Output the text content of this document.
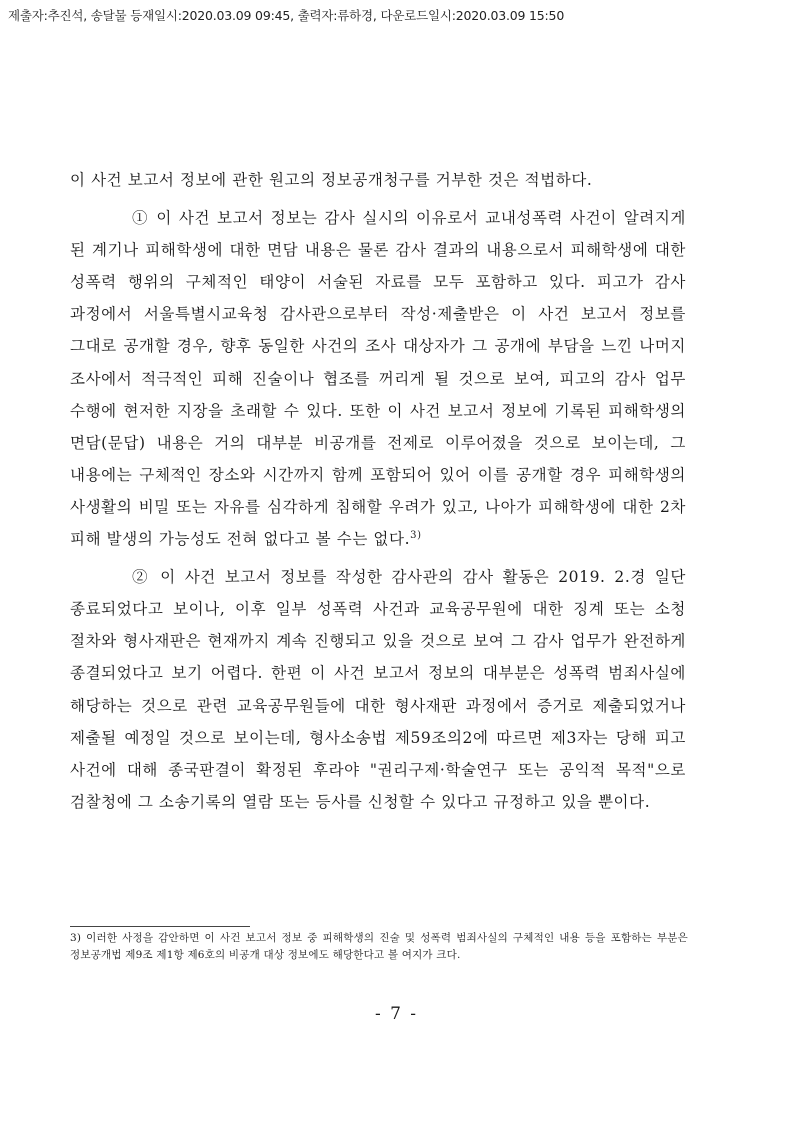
제출자:추진석, 송달물 등재일시:2020.03.09 09:45, 출력자:류하경, 다운로드일시:2020.03.09 15:50

이 사건 보고서 정보에 관한 원고의 정보공개청구를 거부한 것은 적법하다.

① 이 사건 보고서 정보는 감사 실시의 이유로서 교내성폭력 사건이 알려지게 된 계기나 피해학생에 대한 면담 내용은 물론 감사 결과의 내용으로서 피해학생에 대한 성폭력 행위의 구체적인 태양이 서술된 자료를 모두 포함하고 있다. 피고가 감사 과정에서 서울특별시교육청 감사관으로부터 작성·제출받은 이 사건 보고서 정보를 그대로 공개할 경우, 향후 동일한 사건의 조사 대상자가 그 공개에 부담을 느낀 나머지 조사에서 적극적인 피해 진술이나 협조를 꺼리게 될 것으로 보여, 피고의 감사 업무 수행에 현저한 지장을 초래할 수 있다. 또한 이 사건 보고서 정보에 기록된 피해학생의 면담(문답) 내용은 거의 대부분 비공개를 전제로 이루어졌을 것으로 보이는데, 그 내용에는 구체적인 장소와 시간까지 함께 포함되어 있어 이를 공개할 경우 피해학생의 사생활의 비밀 또는 자유를 심각하게 침해할 우려가 있고, 나아가 피해학생에 대한 2차 피해 발생의 가능성도 전혀 없다고 볼 수는 없다.$^{3)}$

② 이 사건 보고서 정보를 작성한 감사관의 감사 활동은 2019. 2.경 일단 종료되었다고 보이나, 이후 일부 성폭력 사건과 교육공무원에 대한 징계 또는 소청 절차와 형사재판은 현재까지 계속 진행되고 있을 것으로 보여 그 감사 업무가 완전하게 종결되었다고 보기 어렵다. 한편 이 사건 보고서 정보의 대부분은 성폭력 범죄사실에 해당하는 것으로 관련 교육공무원들에 대한 형사재판 과정에서 증거로 제출되었거나 제출될 예정일 것으로 보이는데, 형사소송법 제59조의2에 따르면 제3자는 당해 피고 사건에 대해 종국판결이 확정된 후라야 "권리구제·학술연구 또는 공익적 목적"으로 검찰청에 그 소송기록의 열람 또는 등사를 신청할 수 있다고 규정하고 있을 뿐이다.

3) 이러한 사정을 감안하면 이 사건 보고서 정보 중 피해학생의 진술 및 성폭력 범죄사실의 구체적인 내용 등을 포함하는 부분은 정보공개법 제9조 제1항 제6호의 비공개 대상 정보에도 해당한다고 볼 여지가 크다.
- 7 -
